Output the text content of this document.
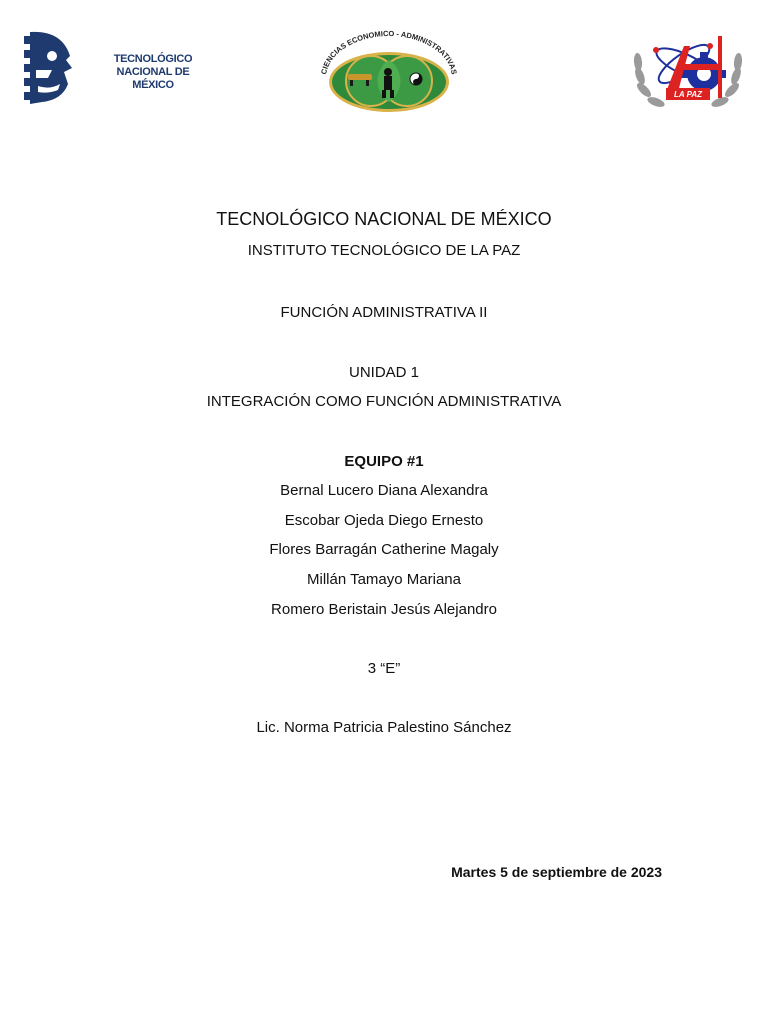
TECNOLÓGICO
NACIONAL DE MÉXICO
CIENCIAS ECONOMICO - ADMINISTRATIVAS
LA PAZ
TECNOLÓGICO NACIONAL DE MÉXICO
INSTITUTO TECNOLÓGICO DE LA PAZ
FUNCIÓN ADMINISTRATIVA II
UNIDAD 1
INTEGRACIÓN COMO FUNCIÓN ADMINISTRATIVA
EQUIPO #1
Bernal Lucero Diana Alexandra
Escobar Ojeda Diego Ernesto
Flores Barragán Catherine Magaly
Millán Tamayo Mariana
Romero Beristain Jesús Alejandro
3 “E”
Lic. Norma Patricia Palestino Sánchez
Martes 5 de septiembre de 2023
